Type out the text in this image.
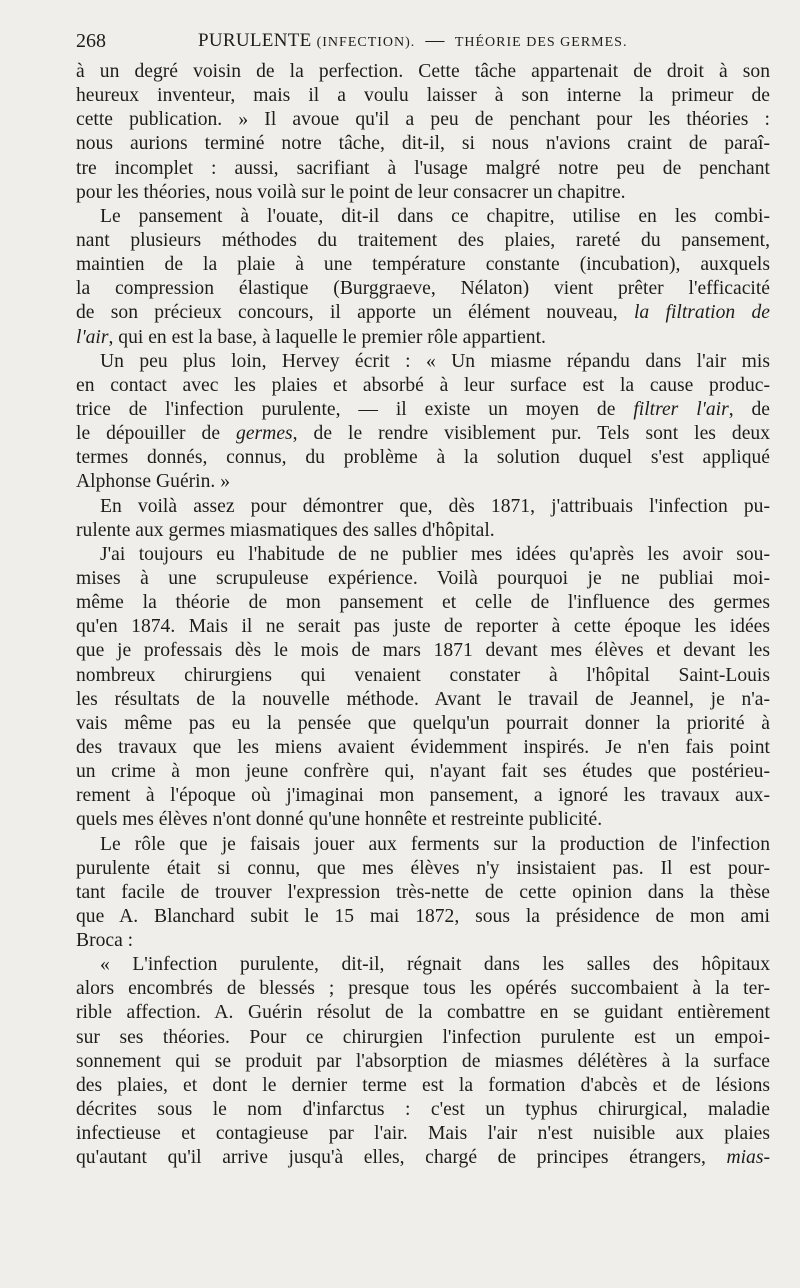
268	PURULENTE (INFECTION). — THÉORIE DES GERMES.
à un degré voisin de la perfection. Cette tâche appartenait de droit à son
heureux inventeur, mais il a voulu laisser à son interne la primeur de
cette publication. » Il avoue qu'il a peu de penchant pour les théories :
nous aurions terminé notre tâche, dit-il, si nous n'avions craint de paraî-
tre incomplet : aussi, sacrifiant à l'usage malgré notre peu de penchant
pour les théories, nous voilà sur le point de leur consacrer un chapitre.
Le pansement à l'ouate, dit-il dans ce chapitre, utilise en les combi-
nant plusieurs méthodes du traitement des plaies, rareté du pansement,
maintien de la plaie à une température constante (incubation), auxquels
la compression élastique (Burggraeve, Nélaton) vient prêter l'efficacité
de son précieux concours, il apporte un élément nouveau, la filtration de
l'air, qui en est la base, à laquelle le premier rôle appartient.
Un peu plus loin, Hervey écrit : « Un miasme répandu dans l'air mis
en contact avec les plaies et absorbé à leur surface est la cause produc-
trice de l'infection purulente, — il existe un moyen de filtrer l'air, de
le dépouiller de germes, de le rendre visiblement pur. Tels sont les deux
termes donnés, connus, du problème à la solution duquel s'est appliqué
Alphonse Guérin. »
En voilà assez pour démontrer que, dès 1871, j'attribuais l'infection pu-
rulente aux germes miasmatiques des salles d'hôpital.
J'ai toujours eu l'habitude de ne publier mes idées qu'après les avoir sou-
mises à une scrupuleuse expérience. Voilà pourquoi je ne publiai moi-
même la théorie de mon pansement et celle de l'influence des germes
qu'en 1874. Mais il ne serait pas juste de reporter à cette époque les idées
que je professais dès le mois de mars 1871 devant mes élèves et devant les
nombreux chirurgiens qui venaient constater à l'hôpital Saint-Louis
les résultats de la nouvelle méthode. Avant le travail de Jeannel, je n'a-
vais même pas eu la pensée que quelqu'un pourrait donner la priorité à
des travaux que les miens avaient évidemment inspirés. Je n'en fais point
un crime à mon jeune confrère qui, n'ayant fait ses études que postérieu-
rement à l'époque où j'imaginai mon pansement, a ignoré les travaux aux-
quels mes élèves n'ont donné qu'une honnête et restreinte publicité.
Le rôle que je faisais jouer aux ferments sur la production de l'infection
purulente était si connu, que mes élèves n'y insistaient pas. Il est pour-
tant facile de trouver l'expression très-nette de cette opinion dans la thèse
que A. Blanchard subit le 15 mai 1872, sous la présidence de mon ami
Broca :
« L'infection purulente, dit-il, régnait dans les salles des hôpitaux
alors encombrés de blessés ; presque tous les opérés succombaient à la ter-
rible affection. A. Guérin résolut de la combattre en se guidant entièrement
sur ses théories. Pour ce chirurgien l'infection purulente est un empoi-
sonnement qui se produit par l'absorption de miasmes délétères à la surface
des plaies, et dont le dernier terme est la formation d'abcès et de lésions
décrites sous le nom d'infarctus : c'est un typhus chirurgical, maladie
infectieuse et contagieuse par l'air. Mais l'air n'est nuisible aux plaies
qu'autant qu'il arrive jusqu'à elles, chargé de principes étrangers, mias-
